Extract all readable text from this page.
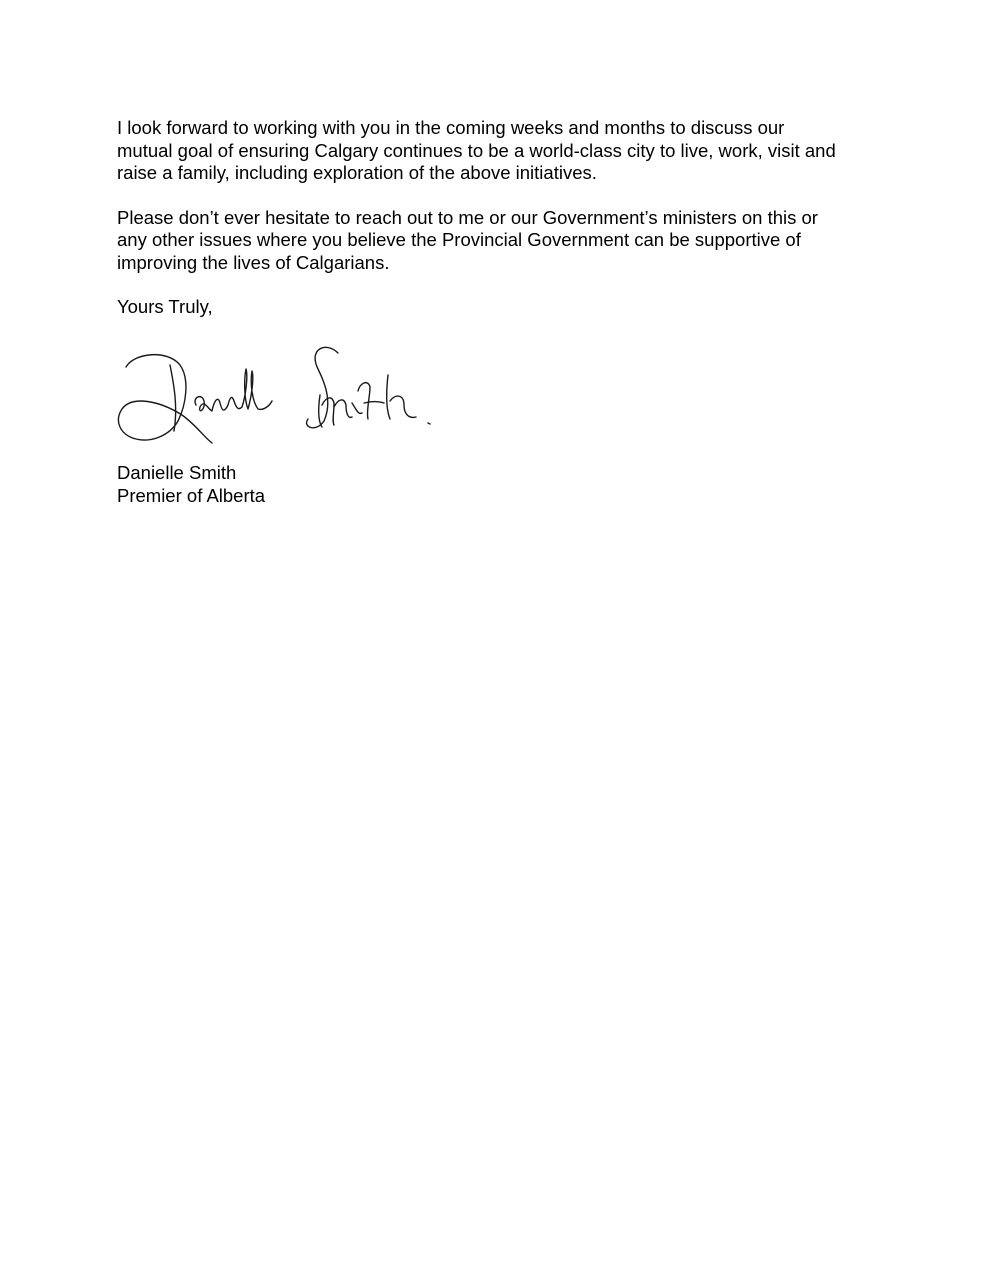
I look forward to working with you in the coming weeks and months to discuss our
mutual goal of ensuring Calgary continues to be a world-class city to live, work, visit and
raise a family, including exploration of the above initiatives.

Please don’t ever hesitate to reach out to me or our Government’s ministers on this or
any other issues where you believe the Provincial Government can be supportive of
improving the lives of Calgarians.

Yours Truly,

Danielle Smith
Premier of Alberta
